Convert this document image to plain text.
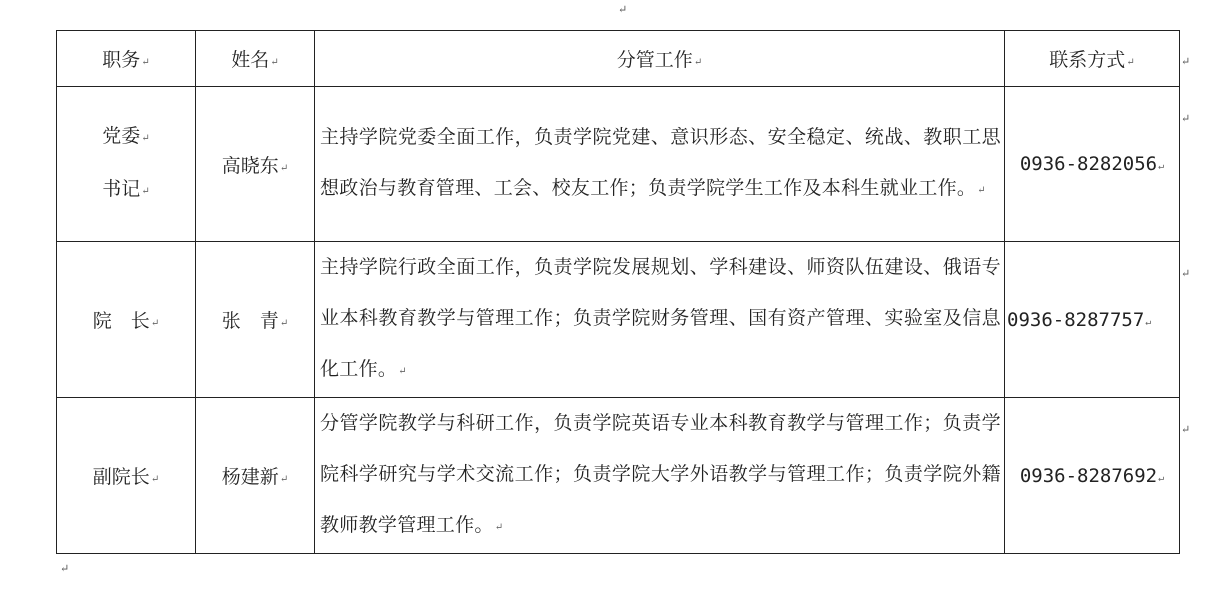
↵
职务 ↵	姓名 ↵	分管工作 ↵	联系方式 ↵

党委 ↵
书记 ↵	高晓东 ↵	主持学院党委全面工作，负责学院党建、意识形态、安全稳定、统战、教职工思想政治与教育管理、工会、校友工作；负责学院学生工作及本科生就业工作。 ↵	0936-8282056 ↵
院　长 ↵	张　青 ↵	主持学院行政全面工作，负责学院发展规划、学科建设、师资队伍建设、俄语专业本科教育教学与管理工作；负责学院财务管理、国有资产管理、实验室及信息化工作。 ↵	0936-8287757 ↵
副院长 ↵	杨建新 ↵	分管学院教学与科研工作，负责学院英语专业本科教育教学与管理工作；负责学院科学研究与学术交流工作；负责学院大学外语教学与管理工作；负责学院外籍教师教学管理工作。 ↵	0936-8287692 ↵
↵
↵
↵
↵
↵
